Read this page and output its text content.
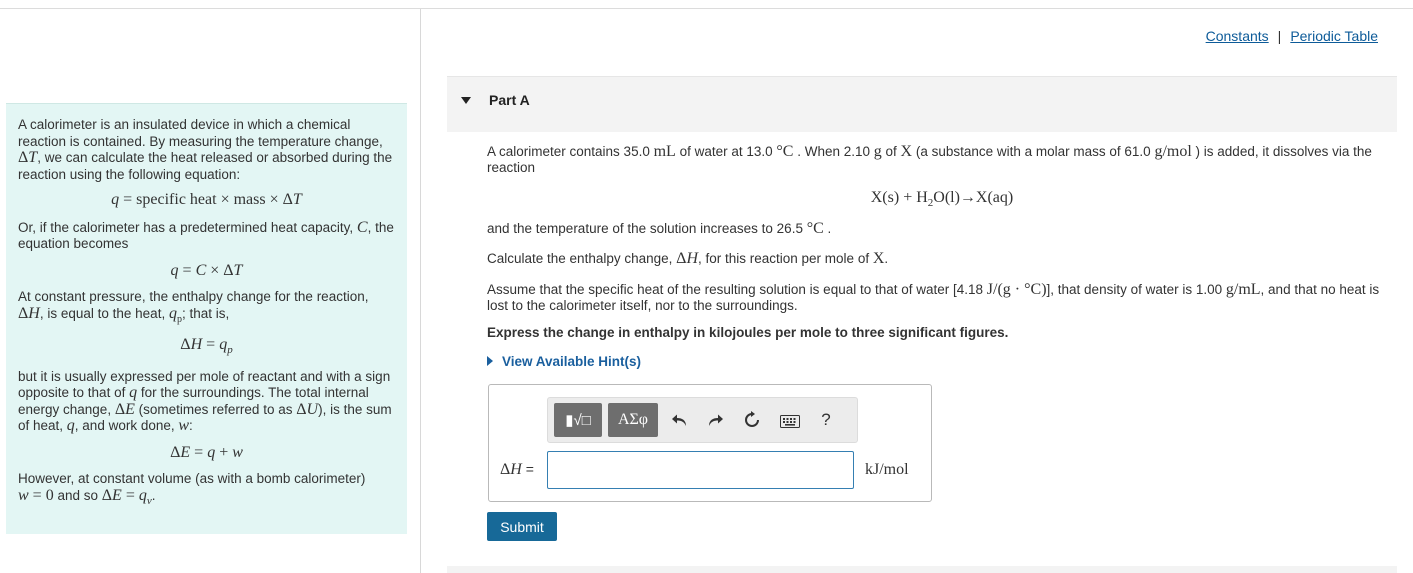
A calorimeter is an insulated device in which a chemical reaction is contained. By measuring the temperature change, ΔT, we can calculate the heat released or absorbed during the reaction using the following equation:

q = specific heat × mass × ΔT

Or, if the calorimeter has a predetermined heat capacity, C, the equation becomes

q = C × ΔT

At constant pressure, the enthalpy change for the reaction, ΔH, is equal to the heat, $q_p$; that is,

$\Delta H = q_p$

but it is usually expressed per mole of reactant and with a sign opposite to that of q for the surroundings. The total internal energy change, ΔE (sometimes referred to as ΔU), is the sum of heat, q, and work done, w:

ΔE = q + w

However, at constant volume (as with a bomb calorimeter)
w = 0 and so $\Delta E = q_v$.

Constants | Periodic Table
Part A
A calorimeter contains 35.0 mL of water at 13.0 °C . When 2.10 g of X (a substance with a molar mass of 61.0 g/mol ) is added, it dissolves via the reaction
$X(s) + H_2O(l)\to X(aq)$
and the temperature of the solution increases to 26.5 °C .
Calculate the enthalpy change, ΔH, for this reaction per mole of X.
Assume that the specific heat of the resulting solution is equal to that of water [4.18 J/(g · °C)], that density of water is 1.00 g/mL, and that no heat is lost to the calorimeter itself, nor to the surroundings.
Express the change in enthalpy in kilojoules per mole to three significant figures.
View Available Hint(s)
▮√□ ΑΣφ	?
ΔH =	kJ/mol
Submit
